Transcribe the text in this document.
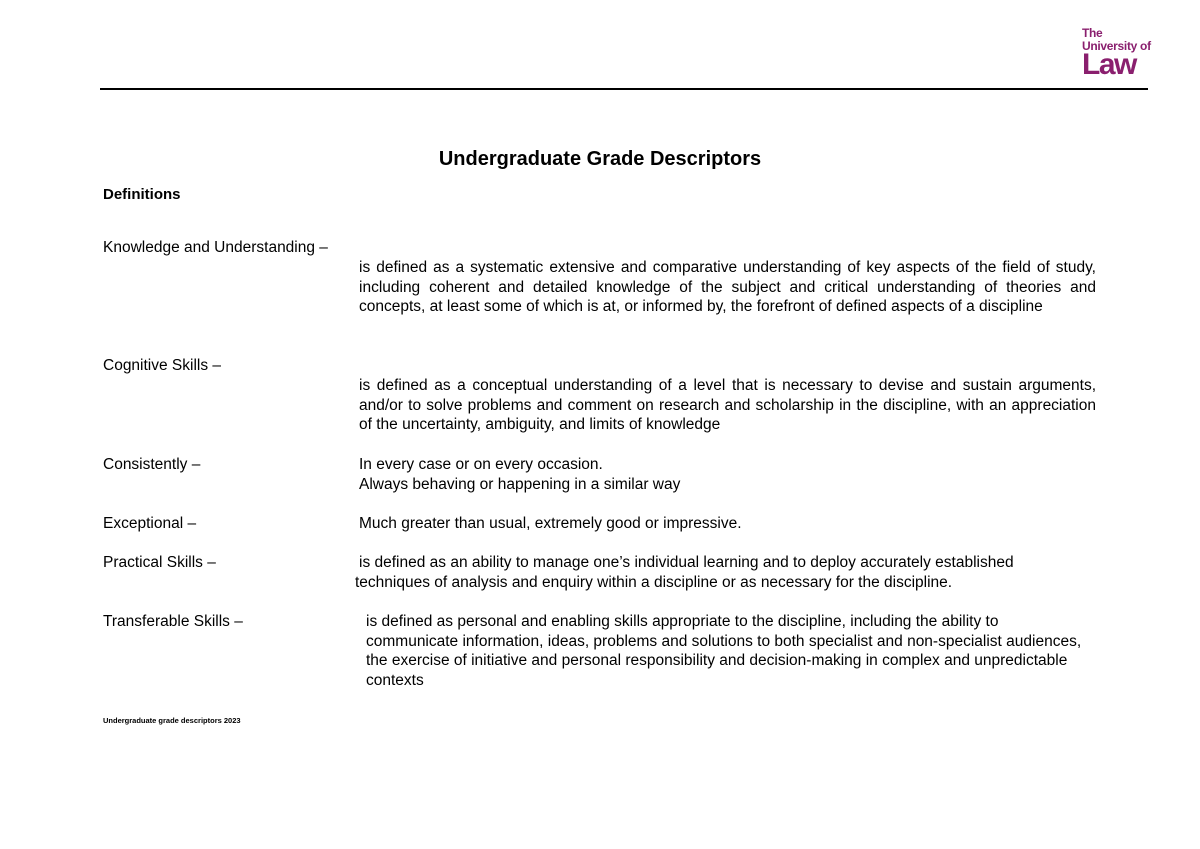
The
University of
Law
Undergraduate Grade Descriptors
Definitions
Knowledge and Understanding –
is defined as a systematic extensive and comparative understanding of key aspects of the field of study, including coherent and detailed knowledge of the subject and critical understanding of theories and concepts, at least some of which is at, or informed by, the forefront of defined aspects of a discipline
Cognitive Skills –
is defined as a conceptual understanding of a level that is necessary to devise and sustain arguments, and/or to solve problems and comment on research and scholarship in the discipline, with an appreciation of the uncertainty, ambiguity, and limits of knowledge
Consistently –	In every case or on every occasion.
Always behaving or happening in a similar way
Exceptional –	Much greater than usual, extremely good or impressive.
Practical Skills –	is defined as an ability to manage one’s individual learning and to deploy accurately established
techniques of analysis and enquiry within a discipline or as necessary for the discipline.
Transferable Skills –	is defined as personal and enabling skills appropriate to the discipline, including the ability to communicate information, ideas, problems and solutions to both specialist and non-specialist audiences, the exercise of initiative and personal responsibility and decision-making in complex and unpredictable contexts
Undergraduate grade descriptors 2023
